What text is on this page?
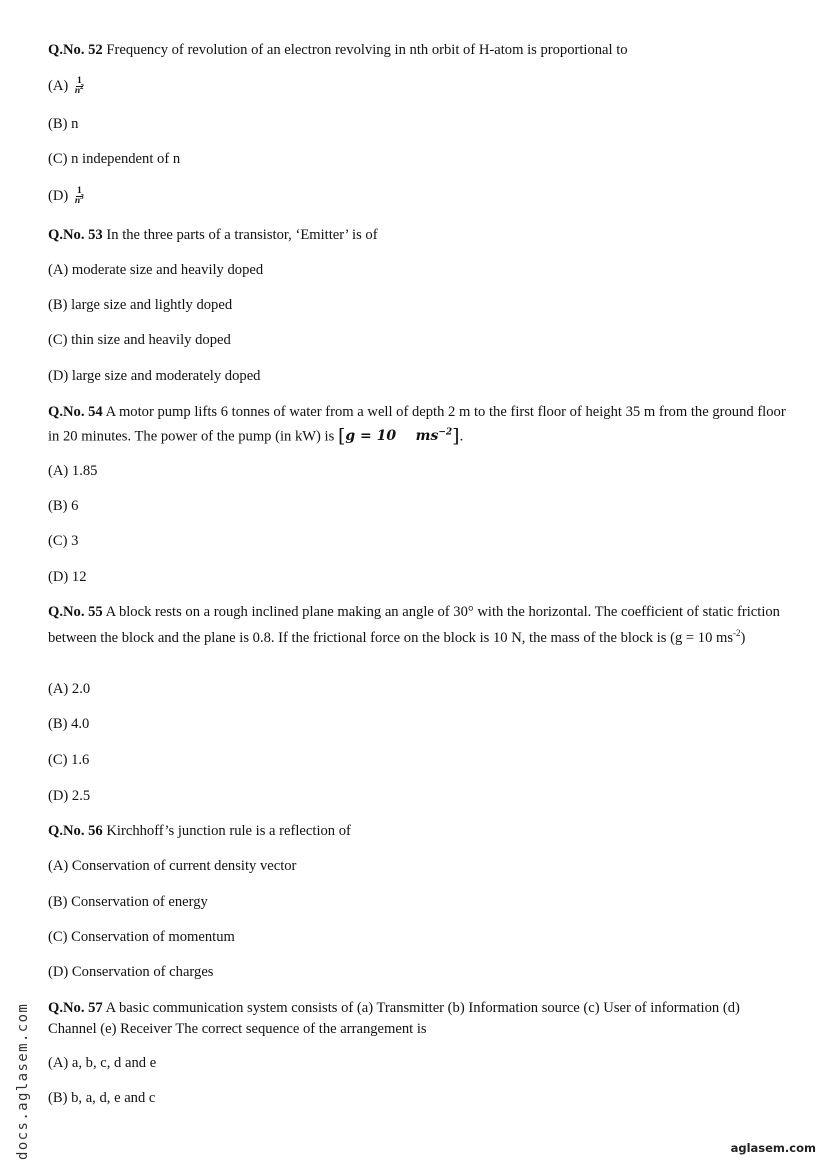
Q.No. 52 Frequency of revolution of an electron revolving in nth orbit of H-atom is proportional to
$(A) \frac{1}{n^2}$
(B) n
(C) n independent of n
$(D) \frac{1}{n^3}$
Q.No. 53 In the three parts of a transistor, ‘Emitter’ is of
(A) moderate size and heavily doped
(B) large size and lightly doped
(C) thin size and heavily doped
(D) large size and moderately doped
Q.No. 54 A motor pump lifts 6 tonnes of water from a well of depth 2 m to the first floor of height 35 m from the ground floor in 20 minutes. The power of the pump (in kW) is [g = 10 $ms^{-2}$].
(A) 1.85
(B) 6
(C) 3
(D) 12
Q.No. 55 A block rests on a rough inclined plane making an angle of 30° with the horizontal. The coefficient of static friction between the block and the plane is 0.8. If the frictional force on the block is 10 N, the mass of the block is (g = 10 $ms^{-2}$)
(A) 2.0
(B) 4.0
(C) 1.6
(D) 2.5
Q.No. 56 Kirchhoff’s junction rule is a reflection of
(A) Conservation of current density vector
(B) Conservation of energy
(C) Conservation of momentum
(D) Conservation of charges
Q.No. 57 A basic communication system consists of (a) Transmitter (b) Information source (c) User of information (d) Channel (e) Receiver The correct sequence of the arrangement is
(A) a, b, c, d and e
(B) b, a, d, e and c
docs.aglasem.com	aglasem.com
